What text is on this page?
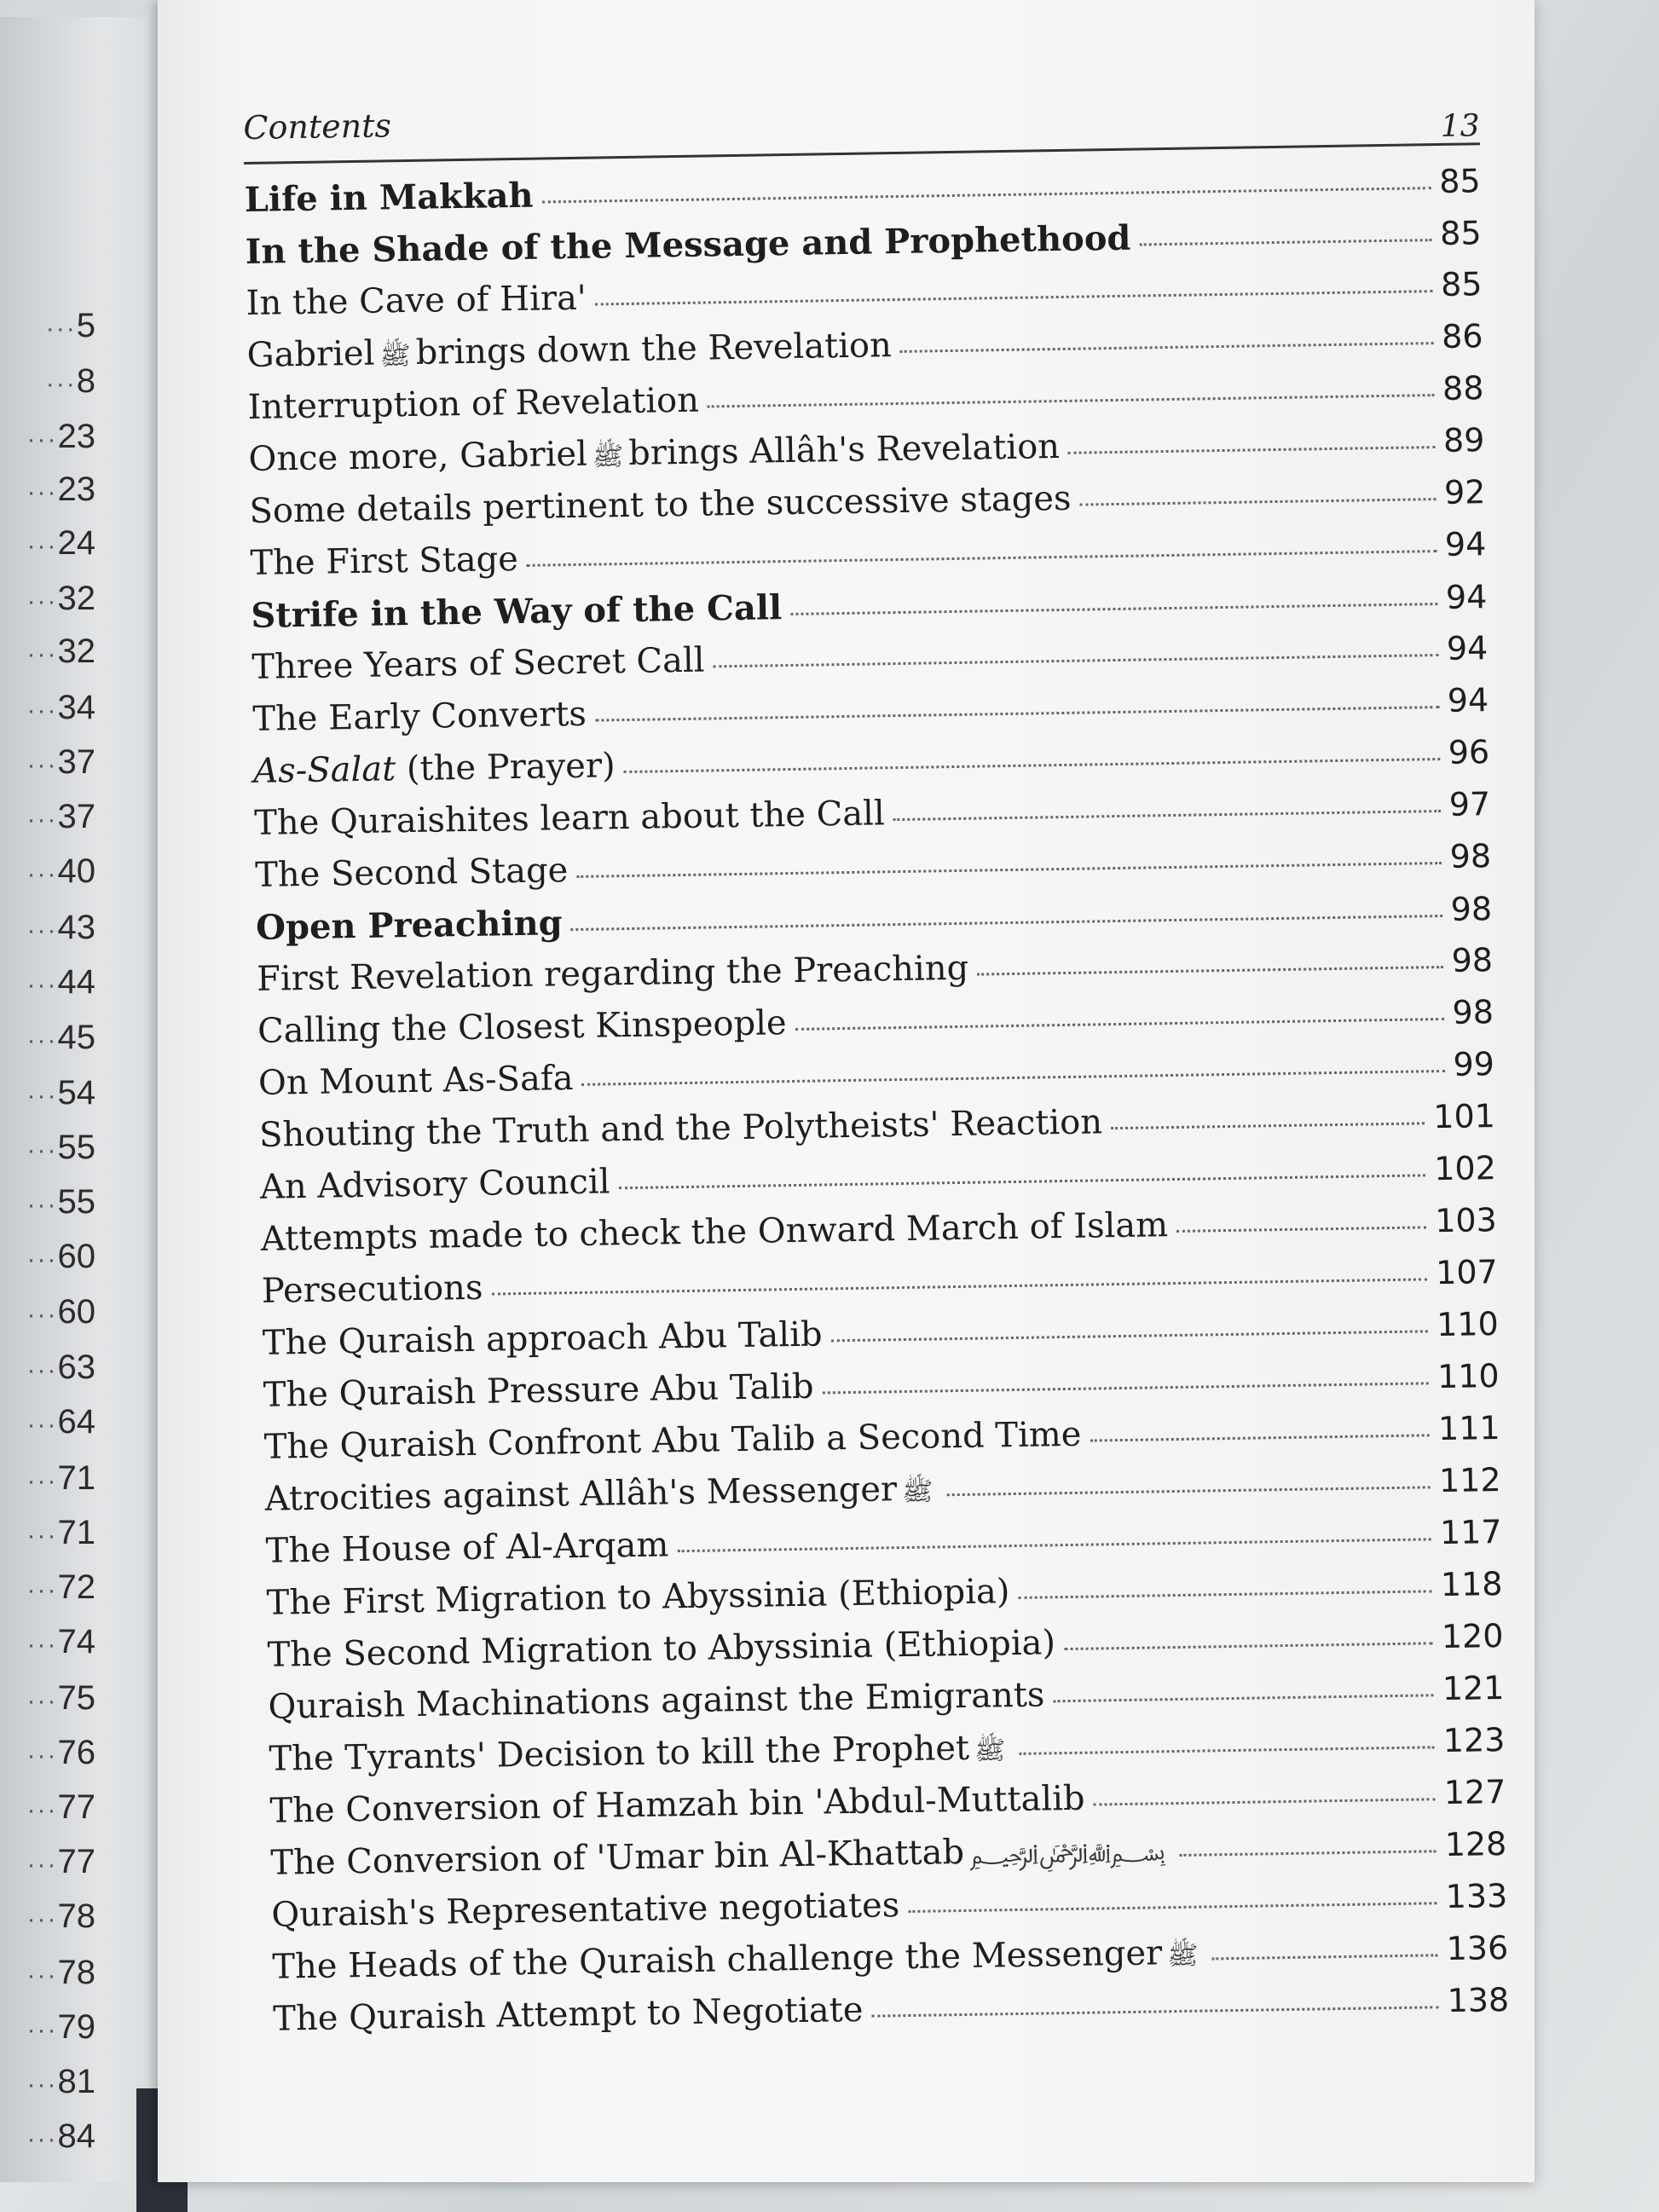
···5
···8
···23
···23
···24
···32
···32
···34
···37
···37
···40
···43
···44
···45
···54
···55
···55
···60
···60
···63
···64
···71
···71
···72
···74
···75
···76
···77
···77
···78
···78
···79
···81
···84
Contents	13
Life in Makkah	85
In the Shade of the Message and Prophethood	85
In the Cave of Hira'	85
Gabriel ﷺ brings down the Revelation	86
Interruption of Revelation	88
Once more, Gabriel ﷺ brings Allâh's Revelation	89
Some details pertinent to the successive stages	92
The First Stage	94
Strife in the Way of the Call	94
Three Years of Secret Call	94
The Early Converts	94
As-Salat (the Prayer)	96
The Quraishites learn about the Call	97
The Second Stage	98
Open Preaching	98
First Revelation regarding the Preaching	98
Calling the Closest Kinspeople	98
On Mount As-Safa	99
Shouting the Truth and the Polytheists' Reaction	101
An Advisory Council	102
Attempts made to check the Onward March of Islam	103
Persecutions	107
The Quraish approach Abu Talib	110
The Quraish Pressure Abu Talib	110
The Quraish Confront Abu Talib a Second Time	111
Atrocities against Allâh's Messenger ﷺ	112
The House of Al-Arqam	117
The First Migration to Abyssinia (Ethiopia)	118
The Second Migration to Abyssinia (Ethiopia)	120
Quraish Machinations against the Emigrants	121
The Tyrants' Decision to kill the Prophet ﷺ	123
The Conversion of Hamzah bin 'Abdul-Muttalib	127
The Conversion of 'Umar bin Al-Khattab ﷽	128
Quraish's Representative negotiates	133
The Heads of the Quraish challenge the Messenger ﷺ	136
The Quraish Attempt to Negotiate	138
